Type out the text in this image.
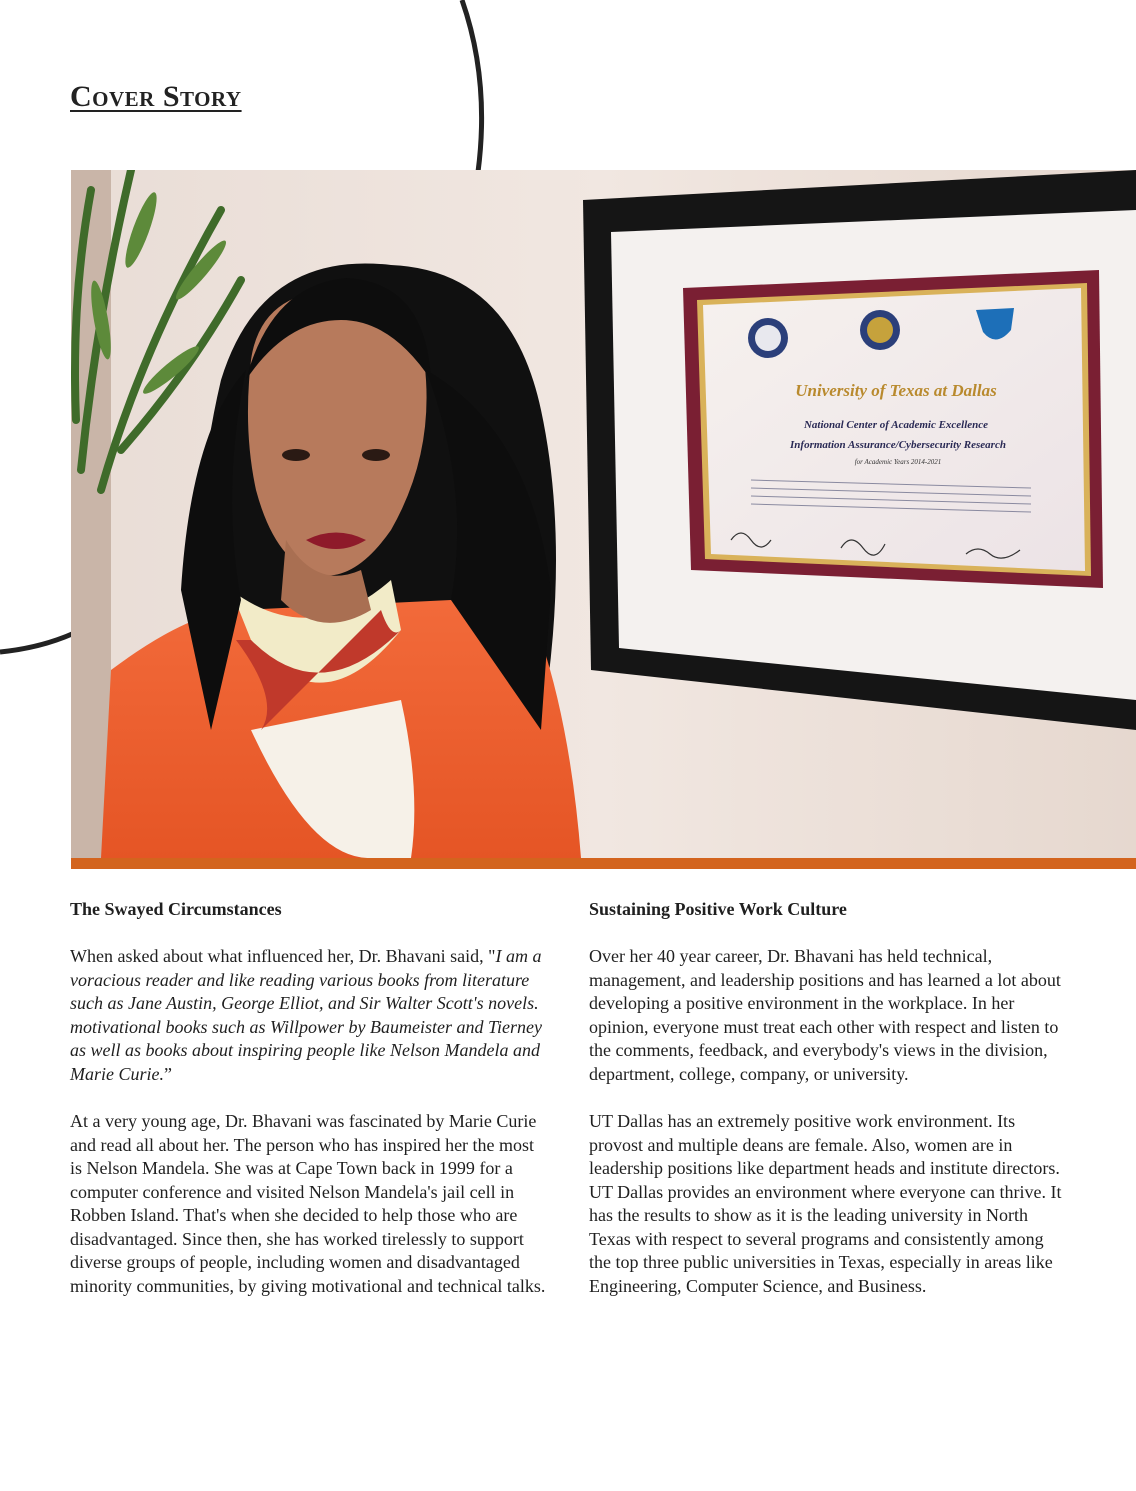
Cover Story
University of Texas at Dallas
National Center of Academic Excellence
Information Assurance/Cybersecurity Research
for Academic Years 2014-2021
The Swayed Circumstances

When asked about what influenced her, Dr. Bhavani said, "I am a voracious reader and like reading various books from literature such as Jane Austin, George Elliot, and Sir Walter Scott's novels. motivational books such as Willpower by Baumeister and Tierney as well as books about inspiring people like Nelson Mandela and Marie Curie.”

At a very young age, Dr. Bhavani was fascinated by Marie Curie and read all about her. The person who has inspired her the most is Nelson Mandela. She was at Cape Town back in 1999 for a computer conference and visited Nelson Mandela's jail cell in Robben Island. That's when she decided to help those who are disadvantaged. Since then, she has worked tirelessly to support diverse groups of people, including women and disadvantaged minority communities, by giving motivational and technical talks.

Sustaining Positive Work Culture

Over her 40 year career, Dr. Bhavani has held technical, management, and leadership positions and has learned a lot about developing a positive environment in the workplace. In her opinion, everyone must treat each other with respect and listen to the comments, feedback, and everybody's views in the division, department, college, company, or university.

UT Dallas has an extremely positive work environment. Its provost and multiple deans are female. Also, women are in leadership positions like department heads and institute directors. UT Dallas provides an environment where everyone can thrive. It has the results to show as it is the leading university in North Texas with respect to several programs and consistently among the top three public universities in Texas, especially in areas like Engineering, Computer Science, and Business.
